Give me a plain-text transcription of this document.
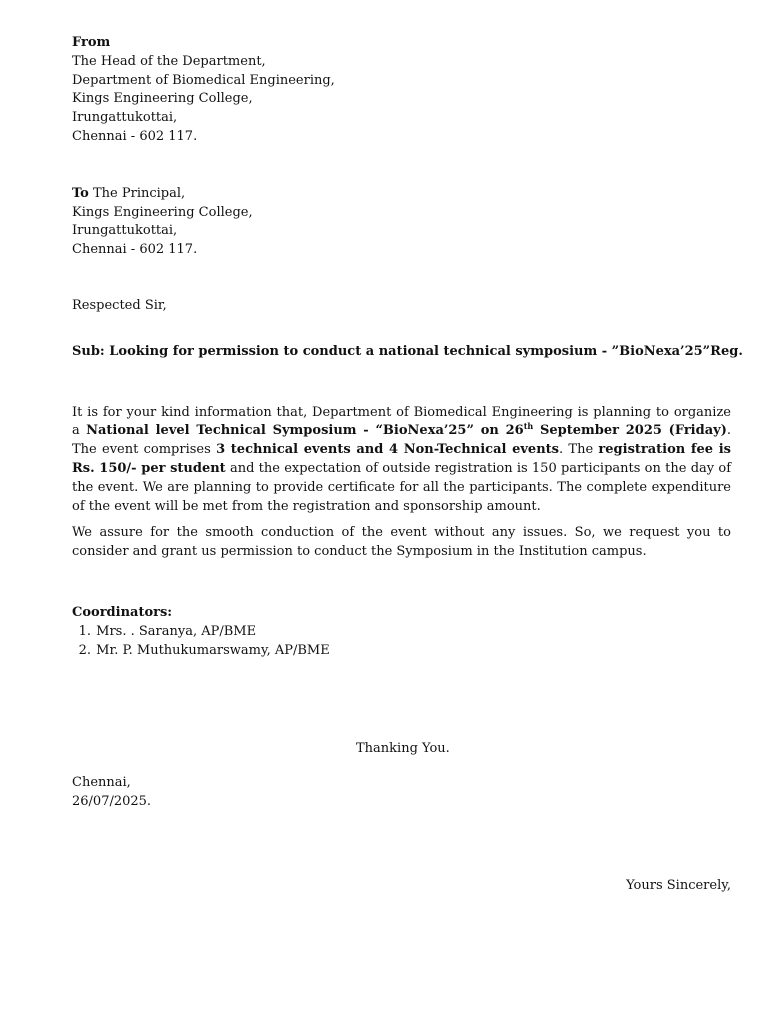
From
The Head of the Department,
Department of Biomedical Engineering,
Kings Engineering College,
Irungattukottai,
Chennai - 602 117.
To The Principal,
Kings Engineering College,
Irungattukottai,
Chennai - 602 117.
Respected Sir,
Sub: Looking for permission to conduct a national technical symposium - ”BioNexa’25”Reg.

It is for your kind information that, Department of Biomedical Engineering is planning to organize a National level Technical Symposium - “BioNexa’25” on 26th September 2025 (Friday). The event comprises 3 technical events and 4 Non-Technical events. The registration fee is Rs. 150/- per student and the expectation of outside registration is 150 participants on the day of the event. We are planning to provide certificate for all the participants. The complete expenditure of the event will be met from the registration and sponsorship amount.

We assure for the smooth conduction of the event without any issues. So, we request you to consider and grant us permission to conduct the Symposium in the Institution campus.

Coordinators:
1. Mrs. . Saranya, AP/BME
2. Mr. P. Muthukumarswamy, AP/BME
Thanking You.
Chennai,
26/07/2025.
Yours Sincerely,
